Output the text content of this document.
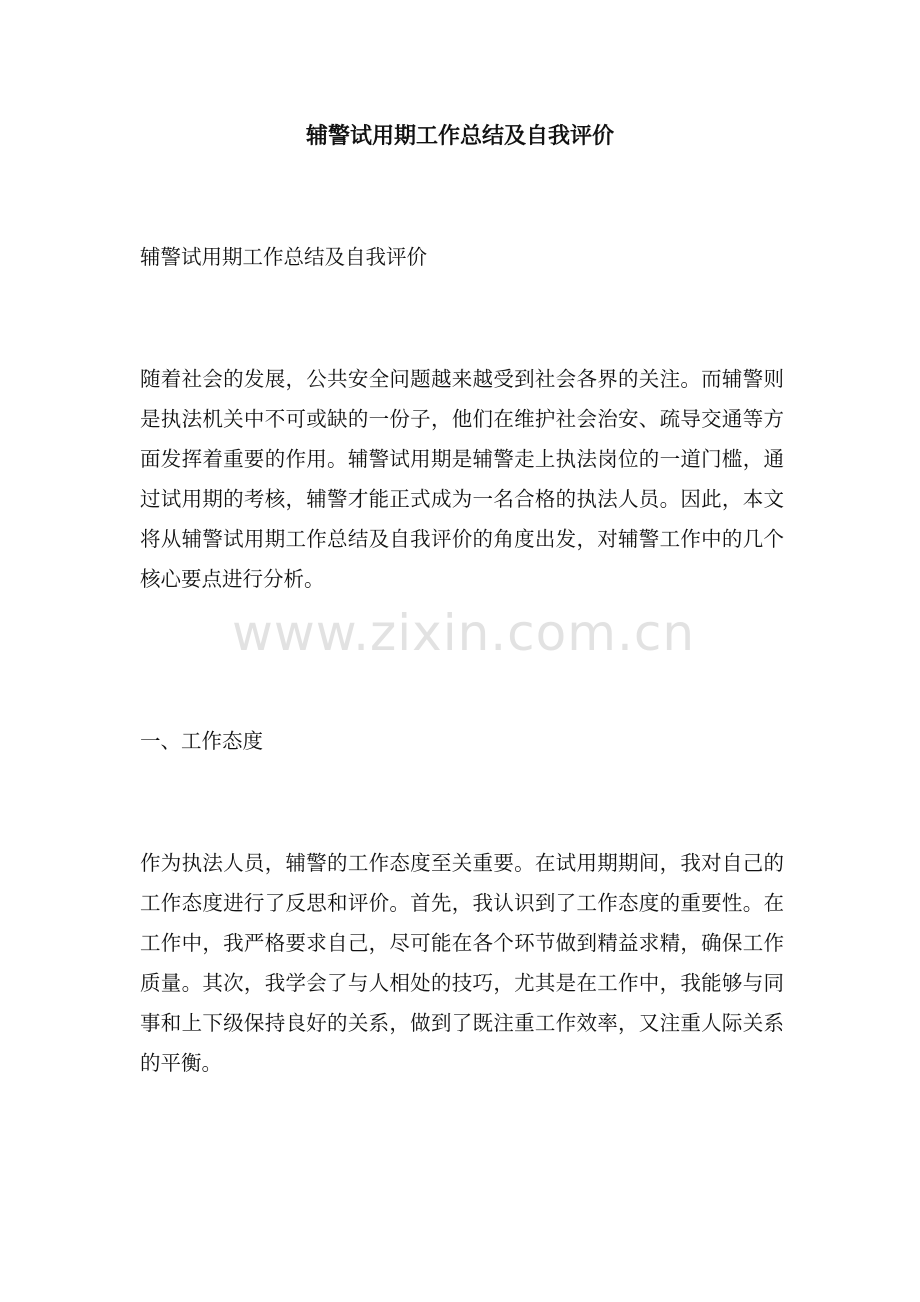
辅警试用期工作总结及自我评价

辅警试用期工作总结及自我评价

随着社会的发展，公共安全问题越来越受到社会各界的关注。而辅警则是执法机关中不可或缺的一份子，他们在维护社会治安、疏导交通等方面发挥着重要的作用。辅警试用期是辅警走上执法岗位的一道门槛，通过试用期的考核，辅警才能正式成为一名合格的执法人员。因此，本文将从辅警试用期工作总结及自我评价的角度出发，对辅警工作中的几个核心要点进行分析。

一、工作态度

作为执法人员，辅警的工作态度至关重要。在试用期期间，我对自己的工作态度进行了反思和评价。首先，我认识到了工作态度的重要性。在工作中，我严格要求自己，尽可能在各个环节做到精益求精，确保工作质量。其次，我学会了与人相处的技巧，尤其是在工作中，我能够与同事和上下级保持良好的关系，做到了既注重工作效率，又注重人际关系的平衡。

www.zixin.com.cn
